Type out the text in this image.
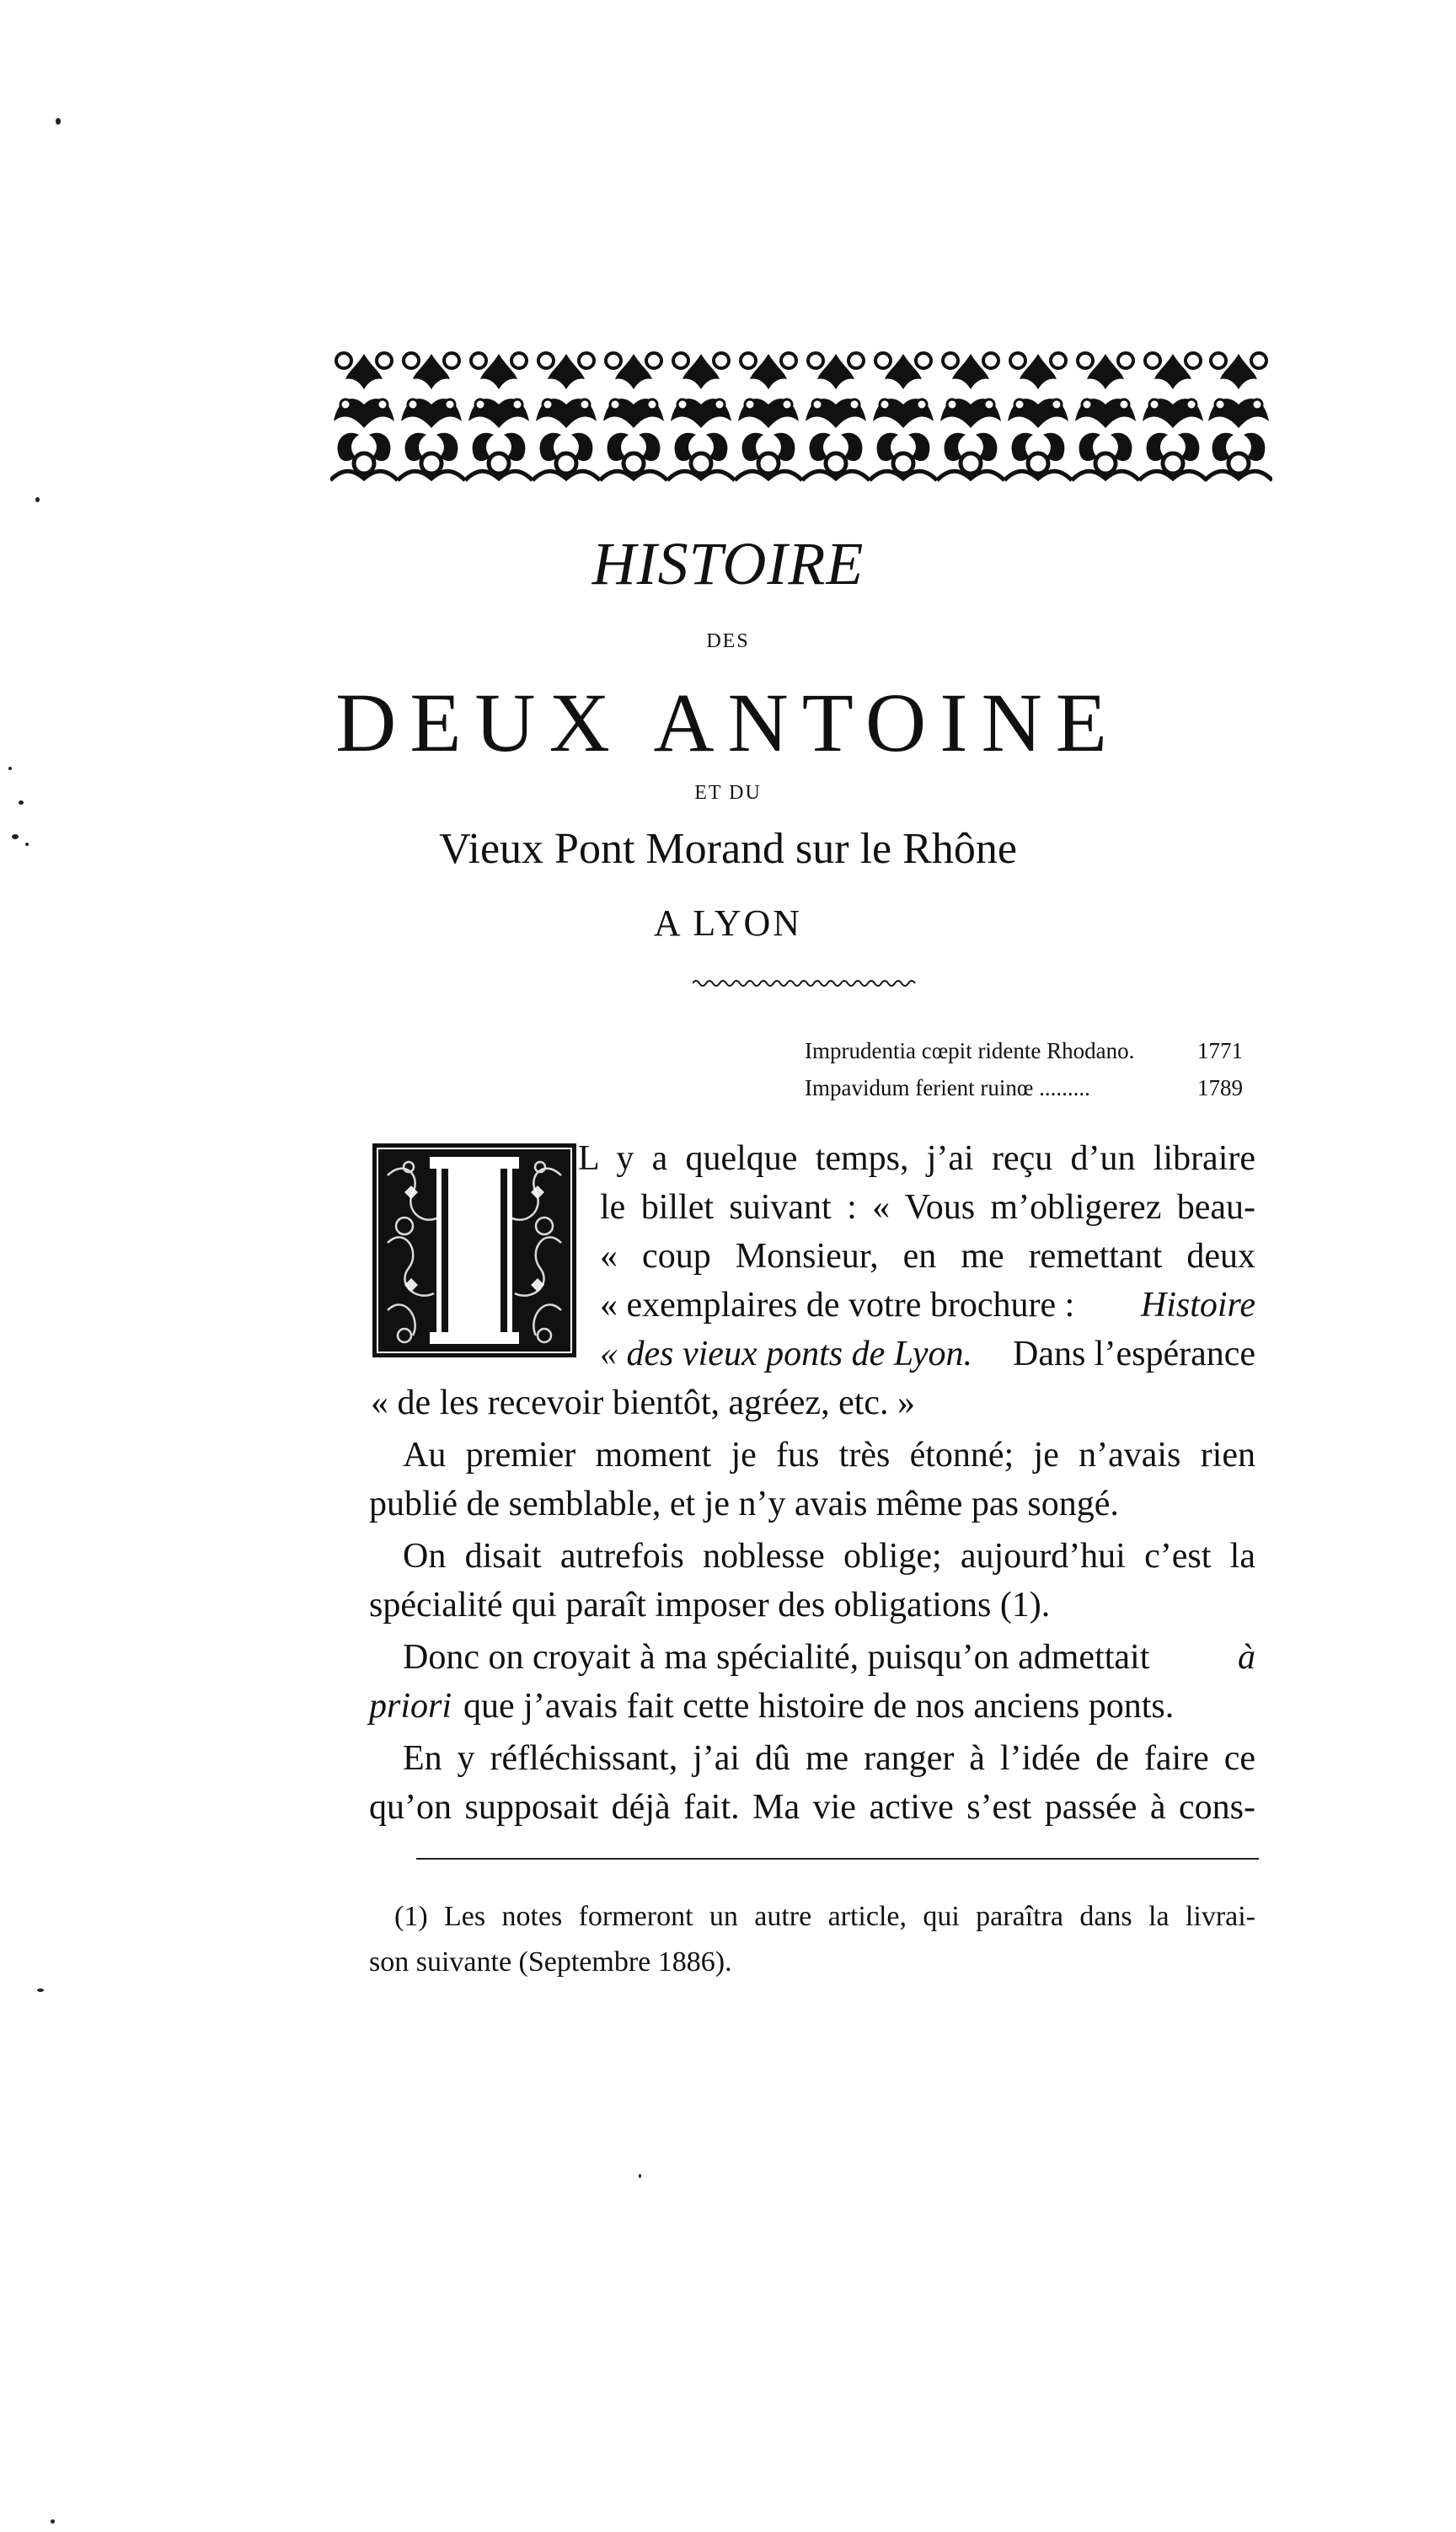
HISTOIRE
DES
DEUX ANTOINE
ET DU
Vieux Pont Morand sur le Rhône
A LYON
Imprudentia cœpit ridente Rhodano.	1771
Impavidum ferient ruinœ .........	1789
L y a quelque temps, j’ai reçu d’un libraire
le billet suivant : « Vous m’obligerez beau-
« coup Monsieur, en me remettant deux
« exemplaires de votre brochure : Histoire
« des vieux ponts de Lyon. Dans l’espérance
« de les recevoir bientôt, agréez, etc. »
Au premier moment je fus très étonné; je n’avais rien
publié de semblable, et je n’y avais même pas songé.
On disait autrefois noblesse oblige; aujourd’hui c’est la
spécialité qui paraît imposer des obligations (1).
Donc on croyait à ma spécialité, puisqu’on admettait à
priori que j’avais fait cette histoire de nos anciens ponts.
En y réfléchissant, j’ai dû me ranger à l’idée de faire ce
qu’on supposait déjà fait. Ma vie active s’est passée à cons-
(1) Les notes formeront un autre article, qui paraîtra dans la livrai-
son suivante (Septembre 1886).
